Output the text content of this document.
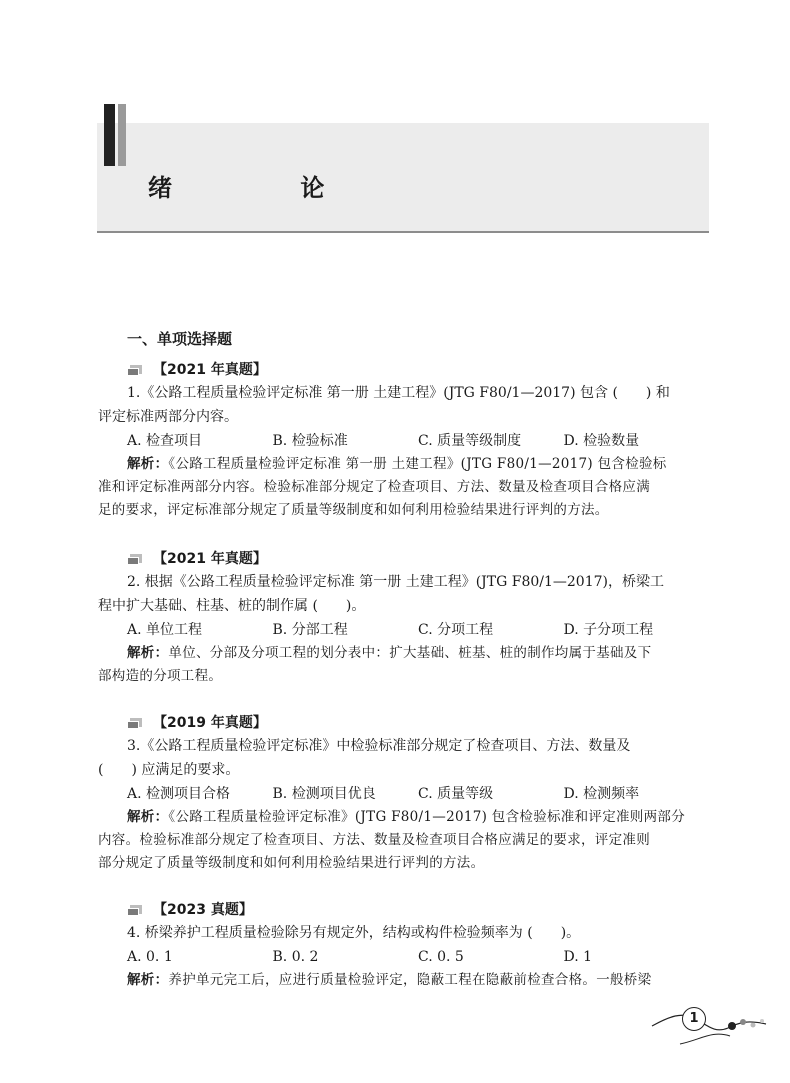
绪 论
一、单项选择题
【2021 年真题】
1.《公路工程质量检验评定标准 第一册 土建工程》(JTG F80/1—2017) 包含 (　　) 和
评定标准两部分内容。
A. 检查项目	B. 检验标准	C. 质量等级制度	D. 检验数量
解析：《公路工程质量检验评定标准 第一册 土建工程》(JTG F80/1—2017) 包含检验标
准和评定标准两部分内容。检验标准部分规定了检查项目、方法、数量及检查项目合格应满
足的要求，评定标准部分规定了质量等级制度和如何利用检验结果进行评判的方法。
【2021 年真题】
2. 根据《公路工程质量检验评定标准 第一册 土建工程》(JTG F80/1—2017)，桥梁工
程中扩大基础、柱基、桩的制作属 (　　)。
A. 单位工程	B. 分部工程	C. 分项工程	D. 子分项工程
解析：单位、分部及分项工程的划分表中：扩大基础、桩基、桩的制作均属于基础及下
部构造的分项工程。
【2019 年真题】
3.《公路工程质量检验评定标准》中检验标准部分规定了检查项目、方法、数量及
(　　) 应满足的要求。
A. 检测项目合格	B. 检测项目优良	C. 质量等级	D. 检测频率
解析：《公路工程质量检验评定标准》(JTG F80/1—2017) 包含检验标准和评定准则两部分
内容。检验标准部分规定了检查项目、方法、数量及检查项目合格应满足的要求，评定准则
部分规定了质量等级制度和如何利用检验结果进行评判的方法。
【2023 真题】
4. 桥梁养护工程质量检验除另有规定外，结构或构件检验频率为 (　　)。
A. 0. 1	B. 0. 2	C. 0. 5	D. 1
解析：养护单元完工后，应进行质量检验评定，隐蔽工程在隐蔽前检查合格。一般桥梁
1
